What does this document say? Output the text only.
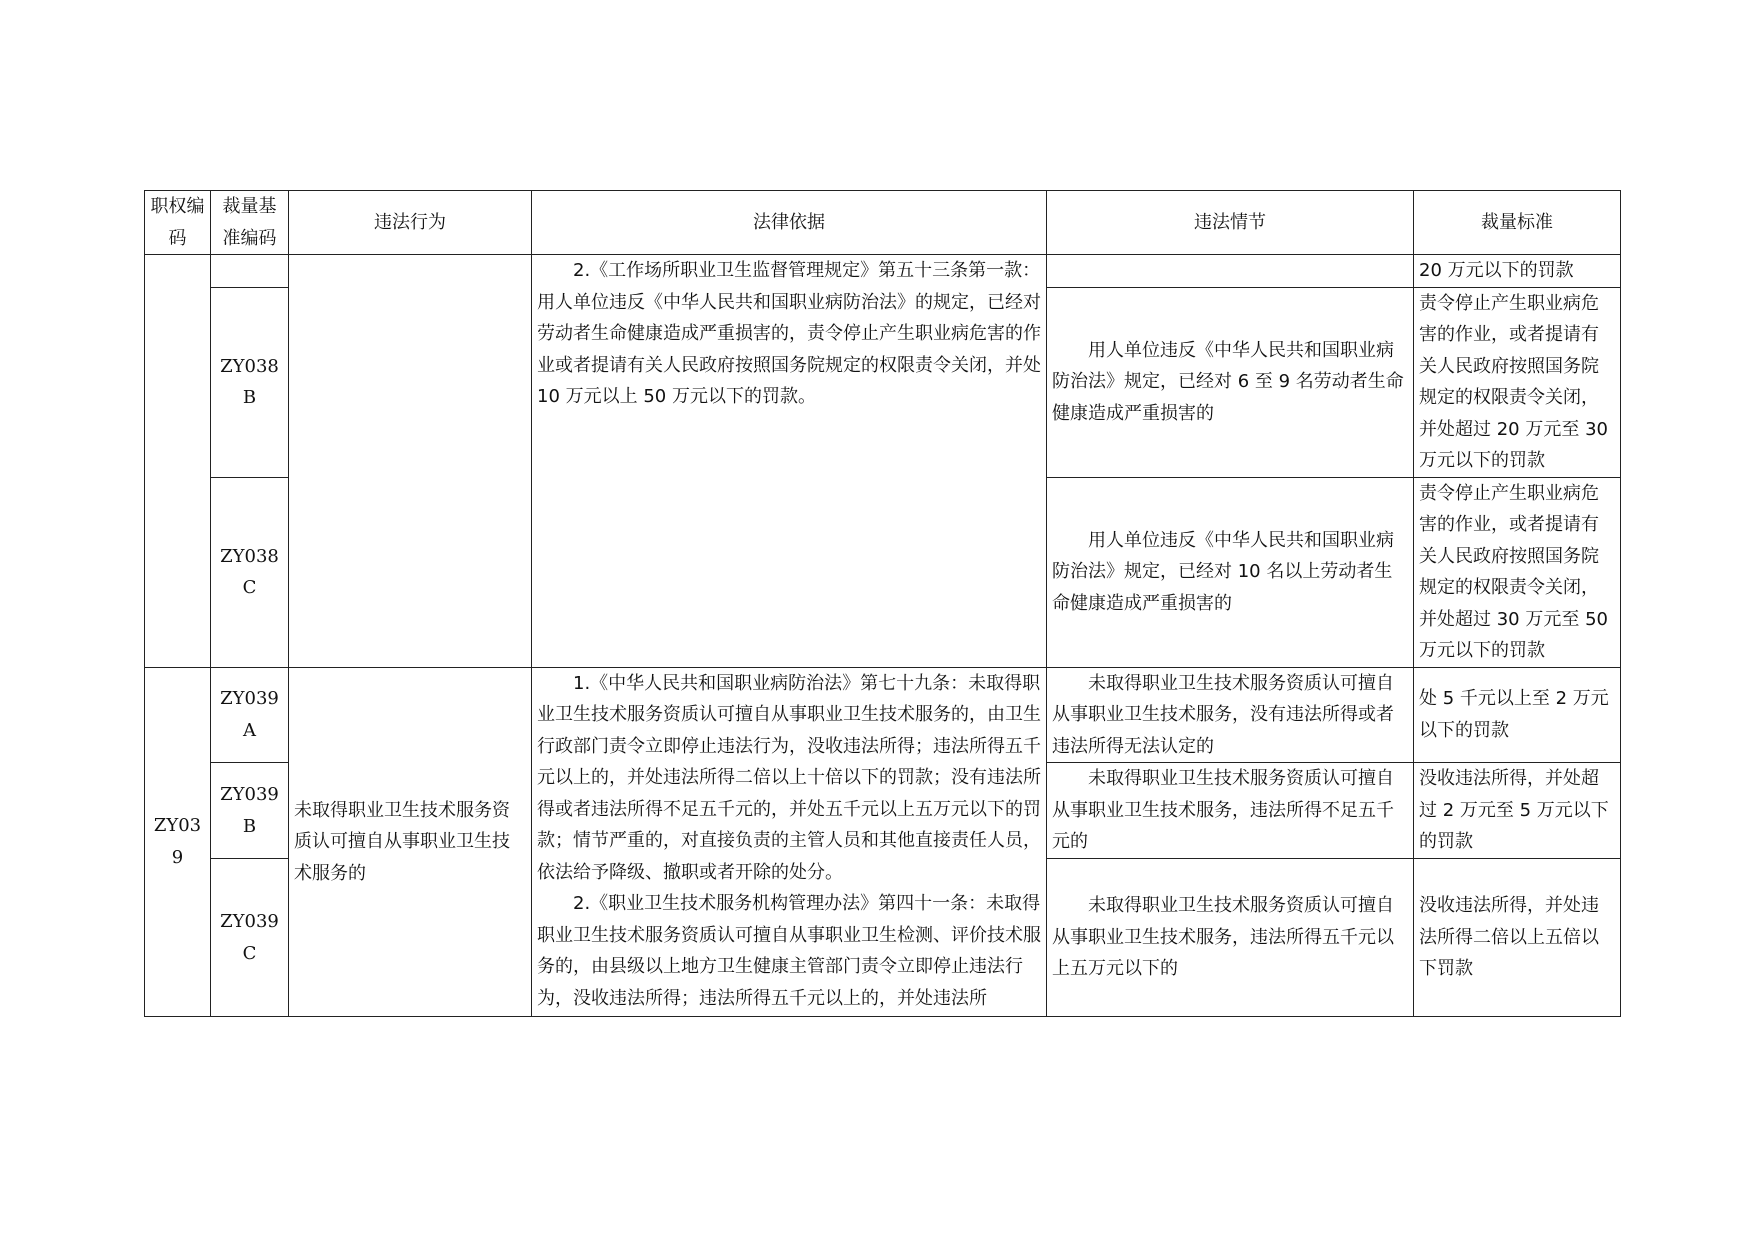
职权编码	裁量基准编码	违法行为	法律依据	违法情节	裁量标准

			2.《工作场所职业卫生监督管理规定》第五十三条第一款：用人单位违反《中华人民共和国职业病防治法》的规定，已经对劳动者生命健康造成严重损害的，责令停止产生职业病危害的作业或者提请有关人民政府按照国务院规定的权限责令关闭，并处10 万元以上 50 万元以下的罚款。		20 万元以下的罚款
	ZY038B			用人单位违反《中华人民共和国职业病防治法》规定，已经对 6 至 9 名劳动者生命健康造成严重损害的	责令停止产生职业病危害的作业，或者提请有关人民政府按照国务院规定的权限责令关闭，并处超过 20 万元至 30 万元以下的罚款
	ZY038C			用人单位违反《中华人民共和国职业病防治法》规定，已经对 10 名以上劳动者生命健康造成严重损害的	责令停止产生职业病危害的作业，或者提请有关人民政府按照国务院规定的权限责令关闭，并处超过 30 万元至 50 万元以下的罚款
ZY039	ZY039A	未取得职业卫生技术服务资质认可擅自从事职业卫生技术服务的	1.《中华人民共和国职业病防治法》第七十九条：未取得职业卫生技术服务资质认可擅自从事职业卫生技术服务的，由卫生行政部门责令立即停止违法行为，没收违法所得；违法所得五千元以上的，并处违法所得二倍以上十倍以下的罚款；没有违法所得或者违法所得不足五千元的，并处五千元以上五万元以下的罚款；情节严重的，对直接负责的主管人员和其他直接责任人员，依法给予降级、撤职或者开除的处分。

2.《职业卫生技术服务机构管理办法》第四十一条：未取得职业卫生技术服务资质认可擅自从事职业卫生检测、评价技术服务的，由县级以上地方卫生健康主管部门责令立即停止违法行为，没收违法所得；违法所得五千元以上的，并处违法所	未取得职业卫生技术服务资质认可擅自从事职业卫生技术服务，没有违法所得或者违法所得无法认定的	处 5 千元以上至 2 万元以下的罚款
	ZY039B			未取得职业卫生技术服务资质认可擅自从事职业卫生技术服务，违法所得不足五千元的	没收违法所得，并处超过 2 万元至 5 万元以下的罚款
	ZY039C			未取得职业卫生技术服务资质认可擅自从事职业卫生技术服务，违法所得五千元以上五万元以下的	没收违法所得，并处违法所得二倍以上五倍以下罚款
